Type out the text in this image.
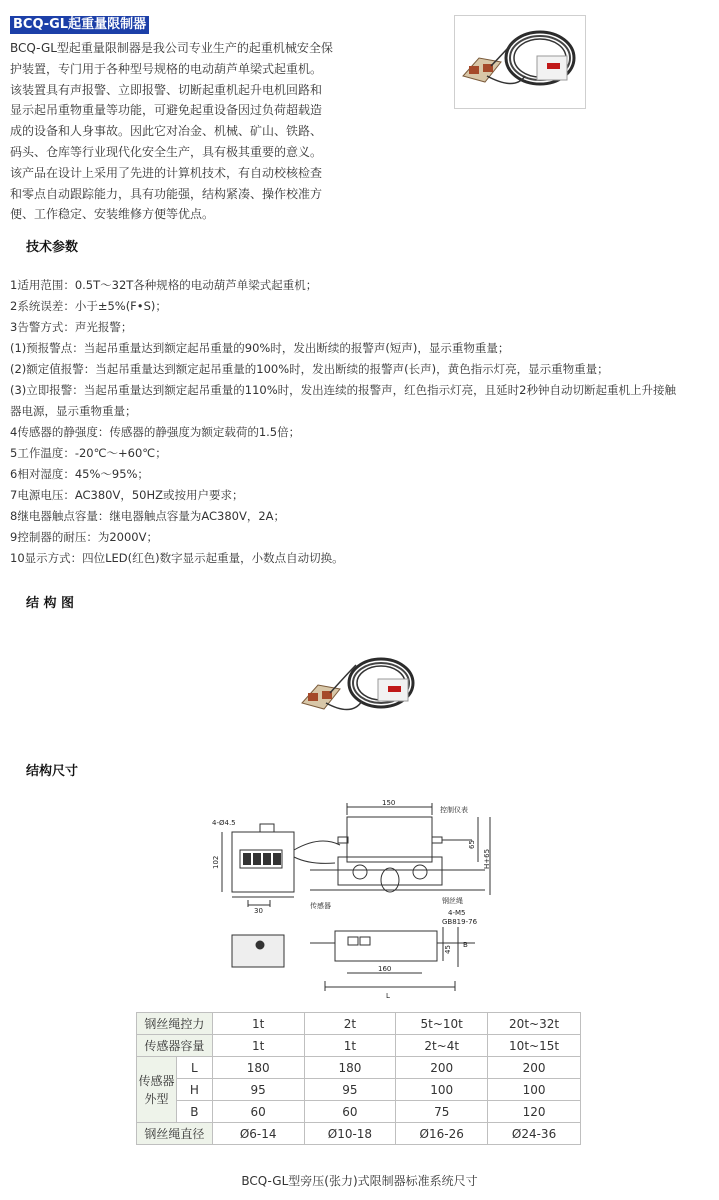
BCQ-GL起重量限制器
BCQ-GL型起重量限制器是我公司专业生产的起重机械安全保
护装置，专门用于各种型号规格的电动葫芦单梁式起重机。
该装置具有声报警、立即报警、切断起重机起升电机回路和
显示起吊重物重量等功能，可避免起重设备因过负荷超载造
成的设备和人身事故。因此它对冶金、机械、矿山、铁路、
码头、仓库等行业现代化安全生产，具有极其重要的意义。
该产品在设计上采用了先进的计算机技术，有自动校核检查
和零点自动跟踪能力，具有功能强，结构紧凑、操作校准方
便、工作稳定、安装维修方便等优点。
技术参数
1适用范围：0.5T～32T各种规格的电动葫芦单梁式起重机；
2系统误差：小于±5%(F•S)；
3告警方式：声光报警；
(1)预报警点：当起吊重量达到额定起吊重量的90%时，发出断续的报警声(短声)，显示重物重量；
(2)额定值报警：当起吊重量达到额定起吊重量的100%时，发出断续的报警声(长声)，黄色指示灯亮，显示重物重量；
(3)立即报警：当起吊重量达到额定起吊重量的110%时，发出连续的报警声，红色指示灯亮，且延时2秒钟自动切断起重机上升接触
器电源，显示重物重量；
4传感器的静强度：传感器的静强度为额定载荷的1.5倍；
5工作温度：-20℃～+60℃；
6相对湿度：45%～95%；
7电源电压：AC380V，50HZ或按用户要求；
8继电器触点容量：继电器触点容量为AC380V，2A；
9控制器的耐压：为2000V；
10显示方式：四位LED(红色)数字显示起重量，小数点自动切换。
结 构 图
结构尺寸
4-Ø4.5
150
控制仪表
102
65
H+65
30
传感器
钢丝绳
4-M5
GB819-76
45
B
160
L
钢丝绳控力		1t	2t	5t~10t	20t~32t
传感器容量		1t	1t	2t~4t	10t~15t
传感器外型	L	180	180	200	200
	H	95	95	100	100
	B	60	60	75	120
钢丝绳直径		Ø6-14	Ø10-18	Ø16-26	Ø24-36
BCQ-GL型旁压(张力)式限制器标准系统尺寸
